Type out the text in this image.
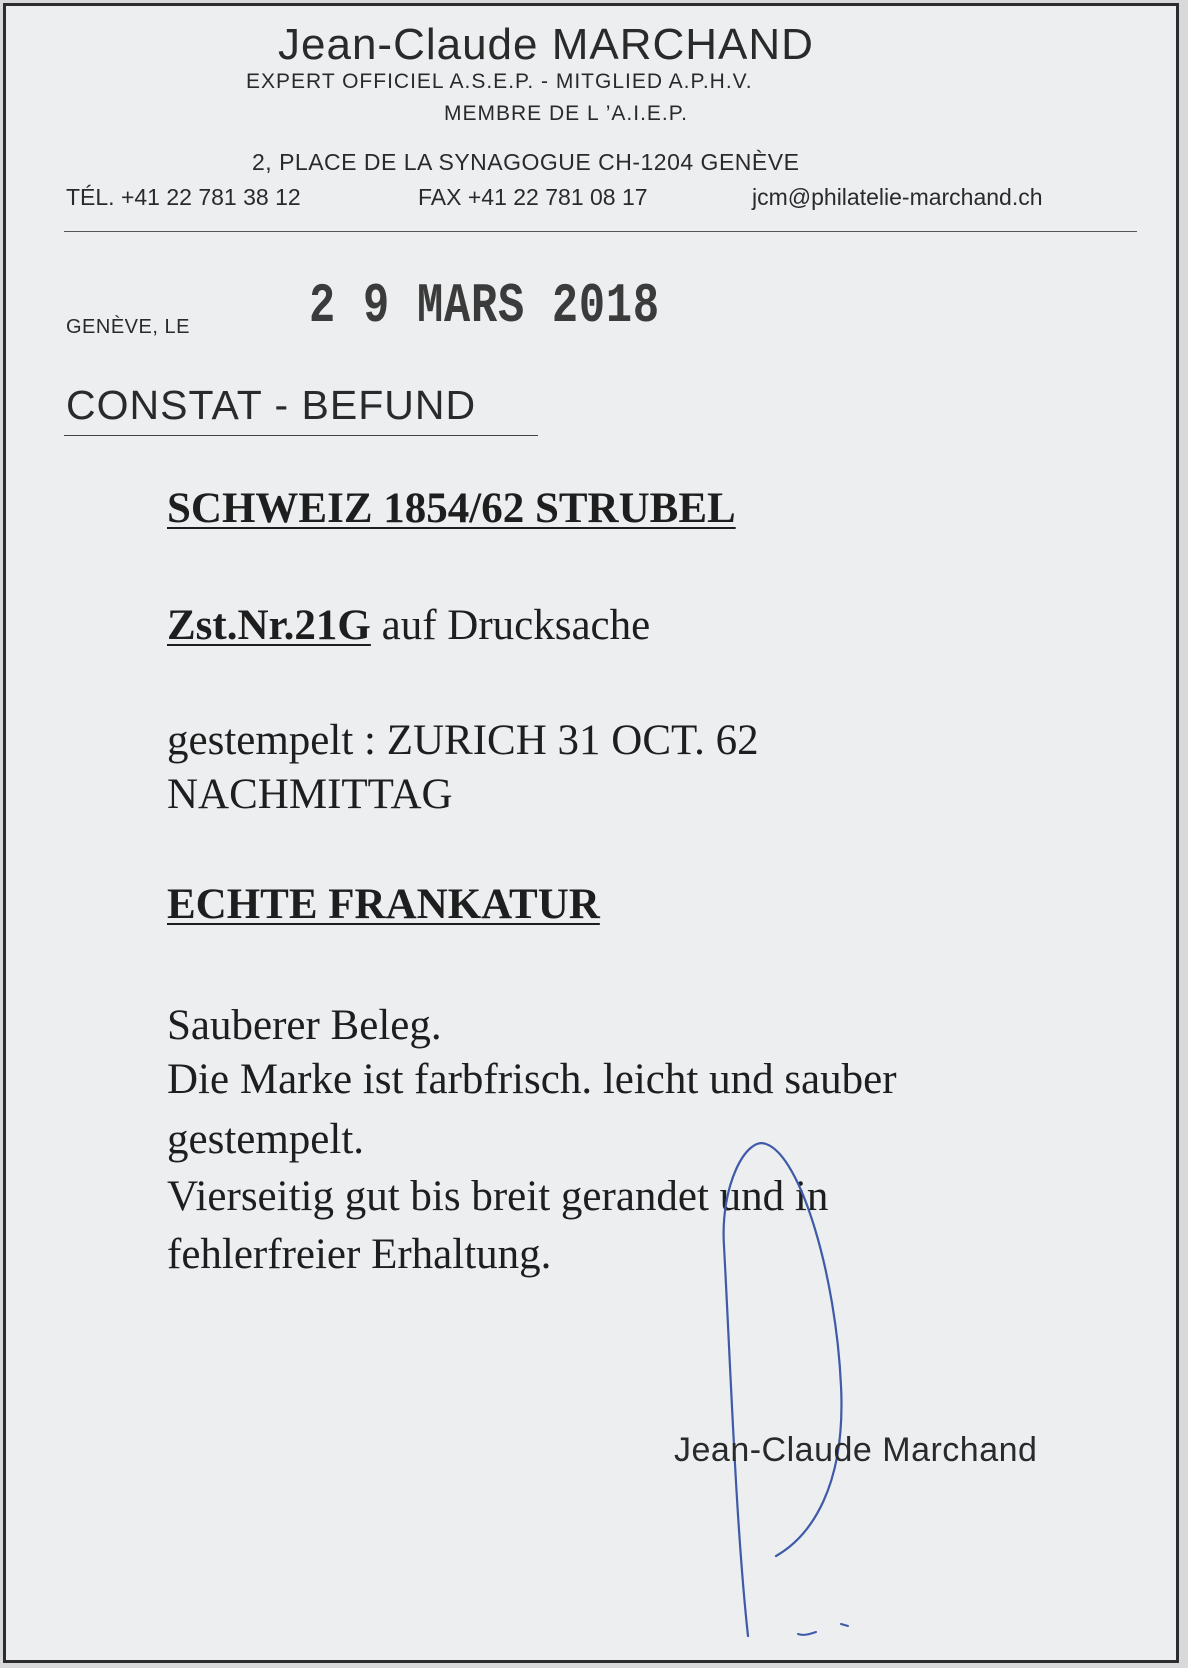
Jean-Claude MARCHAND
EXPERT OFFICIEL A.S.E.P. - MITGLIED A.P.H.V.
MEMBRE DE L ’A.I.E.P.
2, PLACE DE LA SYNAGOGUE CH-1204 GENÈVE
TÉL. +41 22 781 38 12	FAX +41 22 781 08 17	jcm@philatelie-marchand.ch
GENÈVE, LE 2 9 MARS 2018
CONSTAT - BEFUND
SCHWEIZ 1854/62 STRUBEL
Zst.Nr.21G auf Drucksache
gestempelt : ZURICH 31 OCT. 62
NACHMITTAG
ECHTE FRANKATUR
Sauberer Beleg.
Die Marke ist farbfrisch. leicht und sauber
gestempelt.
Vierseitig gut bis breit gerandet und in
fehlerfreier Erhaltung.
Jean-Claude Marchand
